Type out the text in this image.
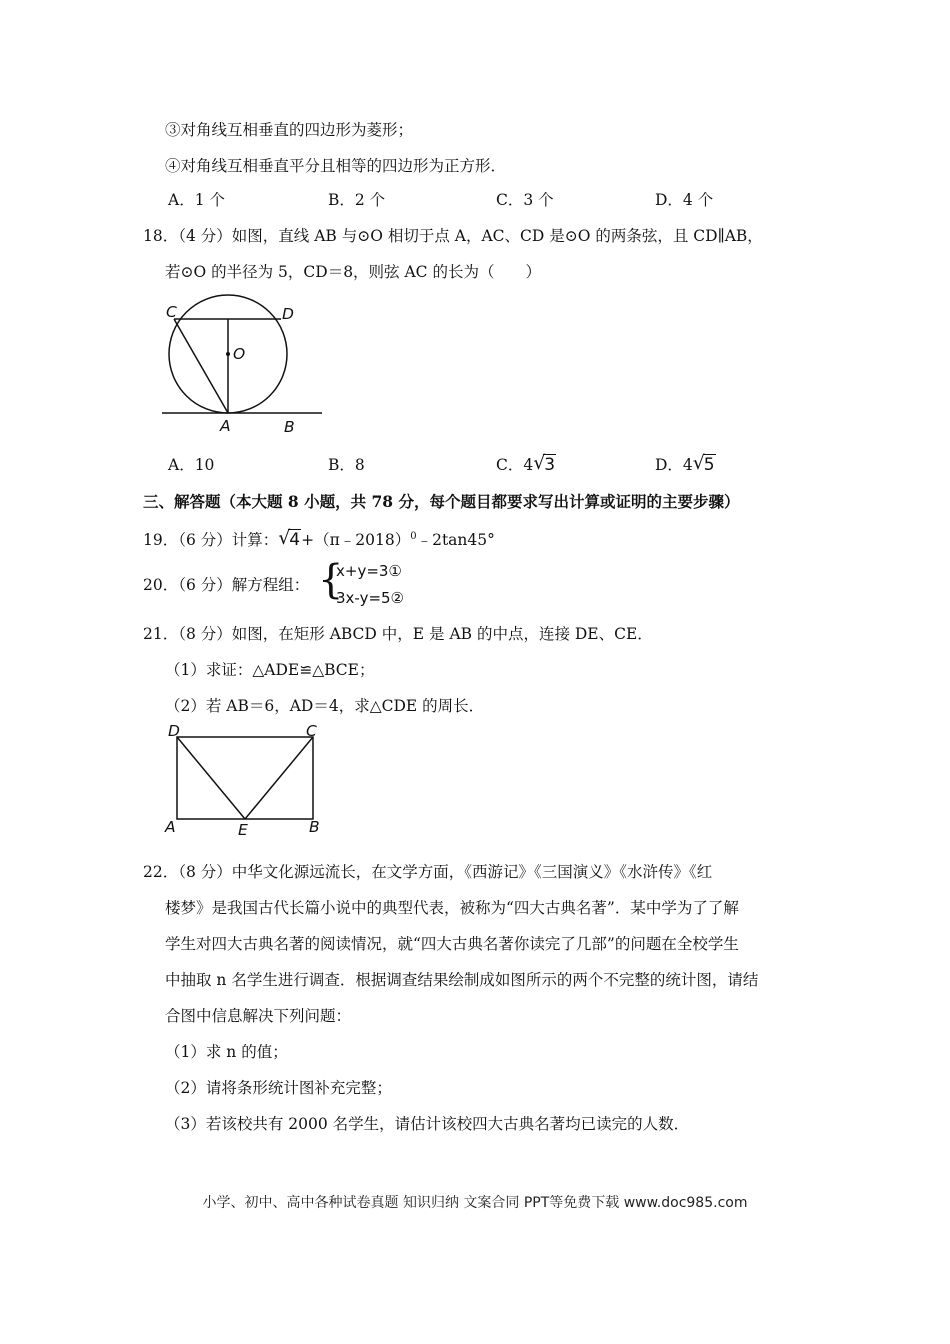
③对角线互相垂直的四边形为菱形；
④对角线互相垂直平分且相等的四边形为正方形．
A．1 个	B．2 个	C．3 个	D．4 个
18．（4 分）如图，直线 AB 与⊙O 相切于点 A，AC、CD 是⊙O 的两条弦，且 CD∥AB，
若⊙O 的半径为 5，CD＝8，则弦 AC 的长为（　　）
C	D
O
A	B
A．10	B．8	C．4 √
3	D．4 √
5
三、解答题（本大题 8 小题，共 78 分，每个题目都要求写出计算或证明的主要步骤）
19．（6 分）计算： √
4+（π﹣2018）$^0$﹣2tan45°
20．（6 分）解方程组： {
x+y=3①
3x-y=5②
21．（8 分）如图，在矩形 ABCD 中，E 是 AB 的中点，连接 DE、CE．
（1）求证：△ADE≌△BCE；
（2）若 AB＝6，AD＝4，求△CDE 的周长．
D	C
A	E	B
22．（8 分）中华文化源远流长，在文学方面，《西游记》《三国演义》《水浒传》《红
楼梦》是我国古代长篇小说中的典型代表，被称为“四大古典名著”．某中学为了了解
学生对四大古典名著的阅读情况，就“四大古典名著你读完了几部”的问题在全校学生
中抽取 n 名学生进行调查．根据调查结果绘制成如图所示的两个不完整的统计图，请结
合图中信息解决下列问题：
（1）求 n 的值；
（2）请将条形统计图补充完整；
（3）若该校共有 2000 名学生，请估计该校四大古典名著均已读完的人数．
小学、初中、高中各种试卷真题 知识归纳 文案合同 PPT等免费下载 www.doc985.com
